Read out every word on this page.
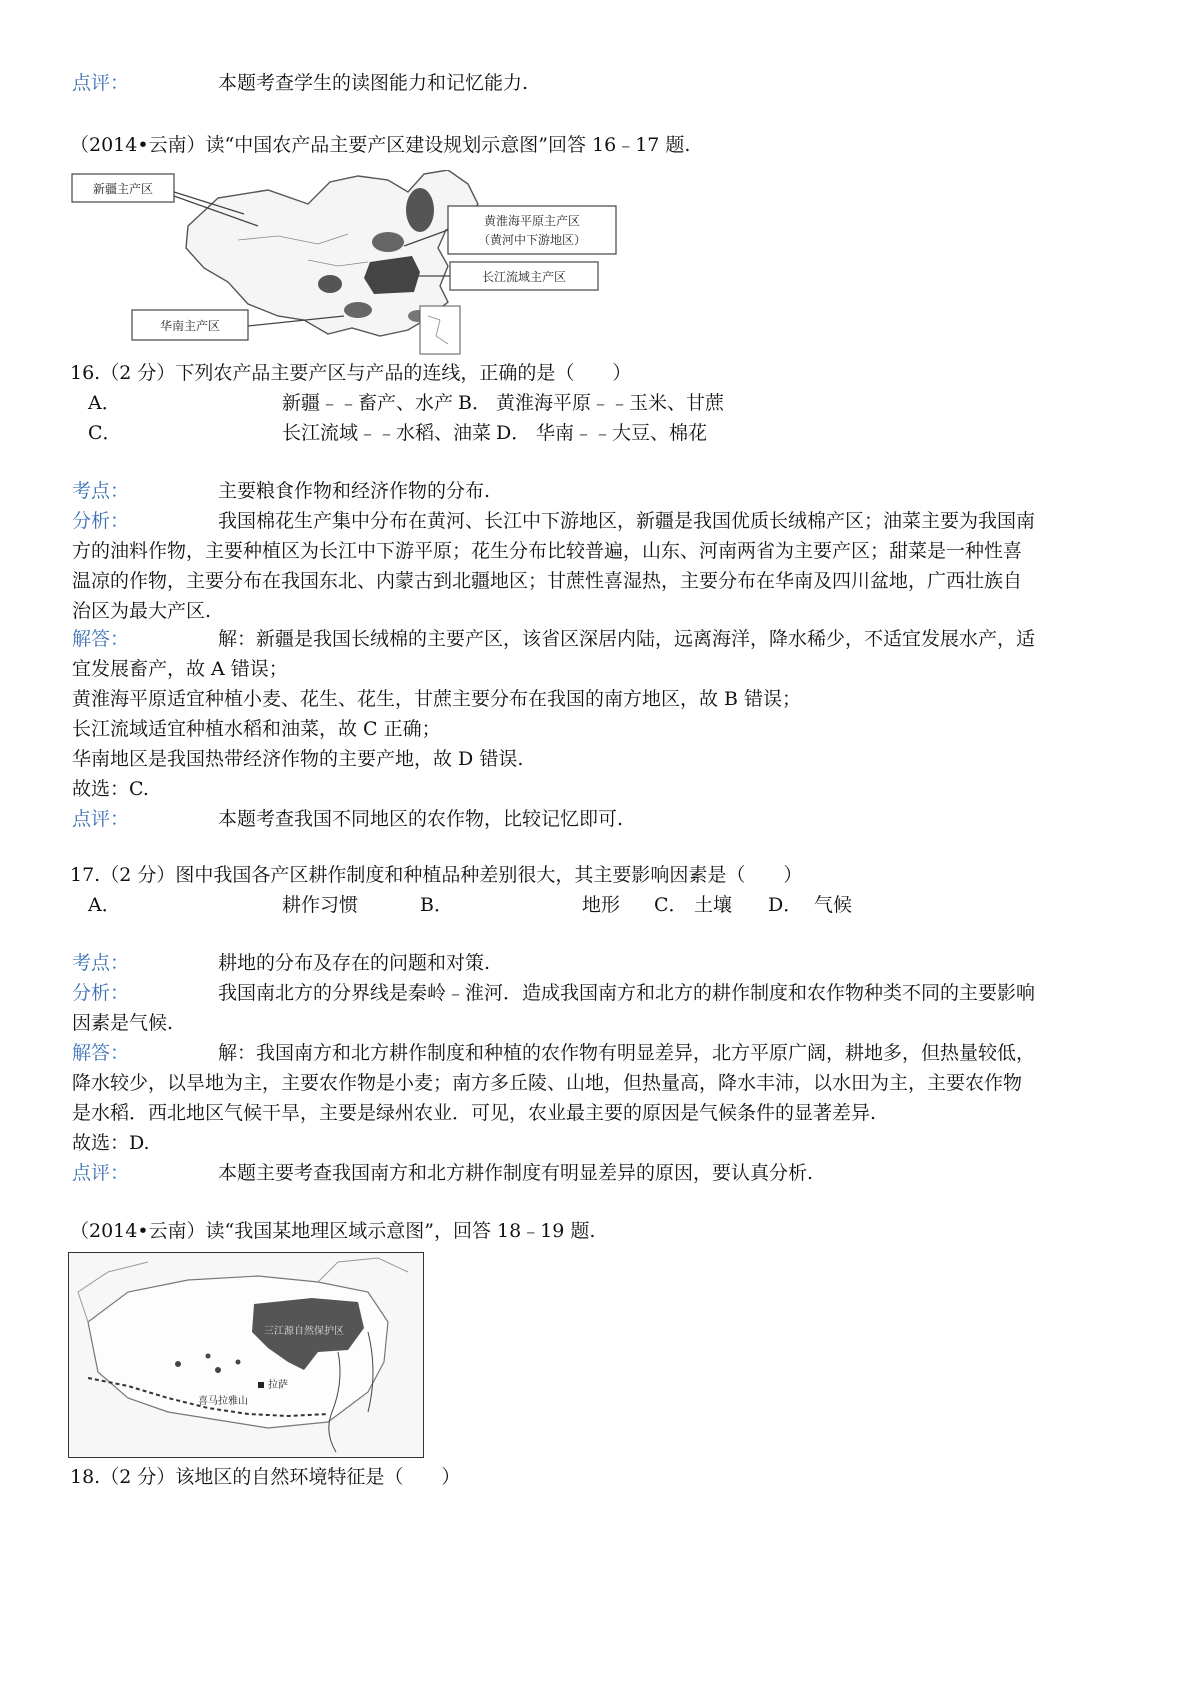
点评：	本题考查学生的读图能力和记忆能力.
（2014•云南）读“中国农产品主要产区建设规划示意图”回答 16﹣17 题.
新疆主产区
黄淮海平原主产区
（黄河中下游地区）
长江流域主产区
华南主产区
16.（2 分）下列农产品主要产区与产品的连线，正确的是（　　）
A．	新疆﹣﹣畜产、水产 B． 黄淮海平原﹣﹣玉米、甘蔗
C．	长江流域﹣﹣水稻、油菜 D． 华南﹣﹣大豆、棉花
考点：	主要粮食作物和经济作物的分布.
分析：	我国棉花生产集中分布在黄河、长江中下游地区，新疆是我国优质长绒棉产区；油菜主要为我国南
方的油料作物，主要种植区为长江中下游平原；花生分布比较普遍，山东、河南两省为主要产区；甜菜是一种性喜
温凉的作物，主要分布在我国东北、内蒙古到北疆地区；甘蔗性喜湿热，主要分布在华南及四川盆地，广西壮族自
治区为最大产区.
解答：	解：新疆是我国长绒棉的主要产区，该省区深居内陆，远离海洋，降水稀少，不适宜发展水产，适
宜发展畜产，故 A 错误；
黄淮海平原适宜种植小麦、花生、花生，甘蔗主要分布在我国的南方地区，故 B 错误；
长江流域适宜种植水稻和油菜，故 C 正确；
华南地区是我国热带经济作物的主要产地，故 D 错误.
故选：C.
点评：	本题考查我国不同地区的农作物，比较记忆即可.
17.（2 分）图中我国各产区耕作制度和种植品种差别很大，其主要影响因素是（　　）
A．	耕作习惯	B．	地形 C． 土壤 D． 气候
考点：	耕地的分布及存在的问题和对策.
分析：	我国南北方的分界线是秦岭﹣淮河．造成我国南方和北方的耕作制度和农作物种类不同的主要影响
因素是气候.
解答：	解：我国南方和北方耕作制度和种植的农作物有明显差异，北方平原广阔，耕地多，但热量较低，
降水较少，以旱地为主，主要农作物是小麦；南方多丘陵、山地，但热量高，降水丰沛，以水田为主，主要农作物
是水稻．西北地区气候干旱，主要是绿州农业．可见，农业最主要的原因是气候条件的显著差异.
故选：D.
点评：	本题主要考查我国南方和北方耕作制度有明显差异的原因，要认真分析.
（2014•云南）读“我国某地理区域示意图”，回答 18﹣19 题.
三江源自然保护区
拉萨
喜马拉雅山
18.（2 分）该地区的自然环境特征是（　　）
